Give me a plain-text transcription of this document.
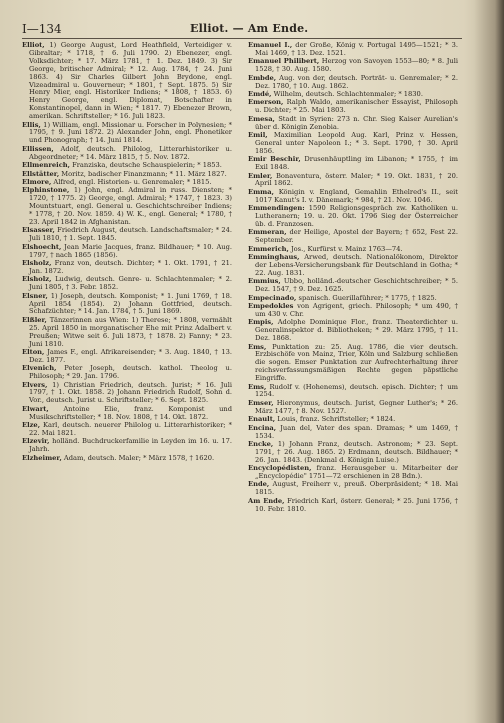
I—134	Elliot. — Am Ende.
Elliot, 1) George August, Lord Heathfield, Verteidiger v. Gibraltar; * 1718, † 6. Juli 1790. 2) Ebenezer, engl. Volksdichter; * 17. März 1781, † 1. Dez. 1849. 3) Sir George, britischer Admiral; * 12. Aug. 1784, † 24. Juni 1863. 4) Sir Charles Gilbert John Brydone, engl. Vizeadmiral u. Gouverneur; * 1801, † Sept. 1875. 5) Sir Henry Mier, engl. Historiker Indiens; * 1808, † 1853. 6) Henry George, engl. Diplomat, Botschafter in Konstantinopel, dann in Wien; * 1817. 7) Ebenezer Brown, amerikan. Schriftsteller; * 16. Juli 1823.
Ellis, 1) William, engl. Missionar u. Forscher in Polynesien; * 1795, † 9. Juni 1872. 2) Alexander John, engl. Phonetiker und Phonograph; † 14. Juni 1814.
Ellissen, Adolf, deutsch. Philolog, Litterarhistoriker u. Abgeordneter; * 14. März 1815, † 5. Nov. 1872.
Ellmenreich, Franziska, deutsche Schauspielerin; * 1853.
Ellstätter, Moritz, badischer Finanzmann; * 11. März 1827.
Elmore, Alfred, engl. Historien- u. Genremaler; * 1815.
Elphinstone, 1) John, engl. Admiral in russ. Diensten; * 1720, † 1775. 2) George, engl. Admiral; * 1747, † 1823. 3) Mountstuart, engl. General u. Geschichtschreiber Indiens; * 1778, † 20. Nov. 1859. 4) W. K., engl. General; * 1780, † 23. April 1842 in Afghanistan.
Elsasser, Friedrich August, deutsch. Landschaftsmaler; * 24. Juli 1810, † 1. Sept. 1845.
Elshoecht, Jean Marie Jacques, franz. Bildhauer; * 10. Aug. 1797, † nach 1865 (1856).
Elsholz, Franz von, deutsch. Dichter; * 1. Okt. 1791, † 21. Jan. 1872.
Elsholz, Ludwig, deutsch. Genre- u. Schlachtenmaler; * 2. Juni 1805, † 3. Febr. 1852.
Elsner, 1) Joseph, deutsch. Komponist; * 1. Juni 1769, † 18. April 1854 (1854). 2) Johann Gottfried, deutsch. Schafzüchter; * 14. Jan. 1784, † 5. Juni 1869.
Elßler, Tänzerinnen aus Wien: 1) Therese; * 1808, vermählt 25. April 1850 in morganatischer Ehe mit Prinz Adalbert v. Preußen; Witwe seit 6. Juli 1873, † 1878. 2) Fanny; * 23. Juni 1810.
Elton, James F., engl. Afrikareisender; * 3. Aug. 1840, † 13. Dez. 1877.
Elvenich, Peter Joseph, deutsch. kathol. Theolog u. Philosoph; * 29. Jan. 1796.
Elvers, 1) Christian Friedrich, deutsch. Jurist; * 16. Juli 1797, † 1. Okt. 1858. 2) Johann Friedrich Rudolf, Sohn d. Vor., deutsch. Jurist u. Schriftsteller; * 6. Sept. 1825.
Elwart, Antoine Elie, franz. Komponist und Musikschriftsteller; * 18. Nov. 1808, † 14. Okt. 1872.
Elze, Karl, deutsch. neuerer Philolog u. Litterarhistoriker; * 22. Mai 1821.
Elzevir, holländ. Buchdruckerfamilie in Leyden im 16. u. 17. Jahrh.
Elzheimer, Adam, deutsch. Maler; * März 1578, † 1620.
Emanuel I., der Große, König v. Portugal 1495—1521; * 3. Mai 1469, † 13. Dez. 1521.
Emanuel Philibert, Herzog von Savoyen 1553—80; * 8. Juli 1528, † 30. Aug. 1580.
Embde, Aug. von der, deutsch. Porträt- u. Genremaler; * 2. Dez. 1780, † 10. Aug. 1862.
Emdé, Wilhelm, deutsch. Schlachtenmaler; * 1830.
Emerson, Ralph Waldo, amerikanischer Essayist, Philosoph u. Dichter; * 25. Mai 1803.
Emesa, Stadt in Syrien: 273 n. Chr. Sieg Kaiser Aurelian's über d. Königin Zenobia.
Emil, Maximilian Leopold Aug. Karl, Prinz v. Hessen, General unter Napoleon I.; * 3. Sept. 1790, † 30. April 1856.
Emir Beschir, Drusenhäuptling im Libanon; * 1755, † im Exil 1848.
Emler, Bonaventura, österr. Maler; * 19. Okt. 1831, † 20. April 1862.
Emma, Königin v. England, Gemahlin Ethelred's II., seit 1017 Kanut's I. v. Dänemark; * 984, † 21. Nov. 1046.
Emmendingen: 1590 Religionsgespräch zw. Katholiken u. Lutheranern; 19. u. 20. Okt. 1796 Sieg der Österreicher üb. d. Franzosen.
Emmeran, der Heilige, Apostel der Bayern; † 652, Fest 22. September.
Emmerich, Jos., Kurfürst v. Mainz 1763—74.
Emminghaus, Arwed, deutsch. Nationalökonom, Direktor der Lebens-Versicherungsbank für Deutschland in Gotha; * 22. Aug. 1831.
Emmius, Ubbo, holländ.-deutscher Geschichtschreiber; * 5. Dez. 1547, † 9. Dez. 1625.
Empecinado, spanisch. Guerillaführer; * 1775, † 1825.
Empedokles von Agrigent, griech. Philosoph; * um 490, † um 430 v. Chr.
Empis, Adolphe Dominique Flor., franz. Theaterdichter u. Generalinspektor d. Bibliotheken; * 29. März 1795, † 11. Dez. 1868.
Ems, Punktation zu: 25. Aug. 1786, die vier deutsch. Erzbischöfe von Mainz, Trier, Köln und Salzburg schließen die sogen. Emser Punktation zur Aufrechterhaltung ihrer reichsverfassungsmäßigen Rechte gegen päpstliche Eingriffe.
Ems, Rudolf v. (Hohenems), deutsch. episch. Dichter; † um 1254.
Emser, Hieronymus, deutsch. Jurist, Gegner Luther's; * 26. März 1477, † 8. Nov. 1527.
Enault, Louis, franz. Schriftsteller; * 1824.
Encina, Juan del, Vater des span. Dramas; * um 1469, † 1534.
Encke, 1) Johann Franz, deutsch. Astronom; * 23. Sept. 1791, † 26. Aug. 1865. 2) Erdmann, deutsch. Bildhauer; * 26. Jan. 1843. (Denkmal d. Königin Luise.)
Encyclopédisten, franz. Herausgeber u. Mitarbeiter der „Encyclopédie" 1751—72 erschienen in 28 Bdn.).
Ende, August, Freiherr v., preuß. Oberpräsident; * 18. Mai 1815.
Am Ende, Friedrich Karl, österr. General; * 25. Juni 1756, † 10. Febr. 1810.
